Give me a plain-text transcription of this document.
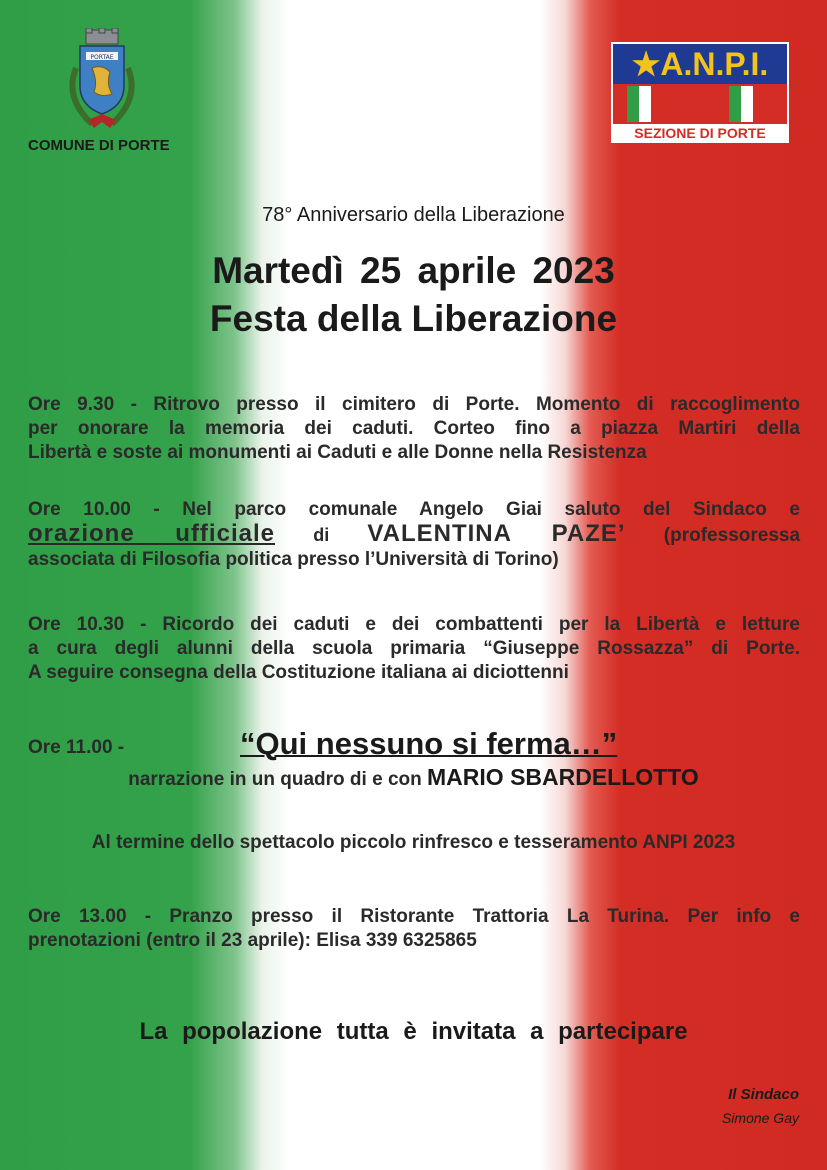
PORTAE
COMUNE DI PORTE
★A.N.P.I.
SEZIONE DI PORTE
78° Anniversario della Liberazione
Martedì 25 aprile 2023
Festa della Liberazione
Ore 9.30 - Ritrovo presso il cimitero di Porte. Momento di raccoglimento
per onorare la memoria dei caduti. Corteo fino a piazza Martiri della
Libertà e soste ai monumenti ai Caduti e alle Donne nella Resistenza
Ore 10.00 - Nel parco comunale Angelo Giai saluto del Sindaco e
orazione ufficiale di VALENTINA PAZE’ (professoressa
associata di Filosofia politica presso l’Università di Torino)
Ore 10.30 - Ricordo dei caduti e dei combattenti per la Libertà e letture
a cura degli alunni della scuola primaria “Giuseppe Rossazza” di Porte.
A seguire consegna della Costituzione italiana ai diciottenni
Ore 11.00 -	“Qui nessuno si ferma…”
narrazione in un quadro di e con MARIO SBARDELLOTTO
Al termine dello spettacolo piccolo rinfresco e tesseramento ANPI 2023
Ore 13.00 - Pranzo presso il Ristorante Trattoria La Turina. Per info e
prenotazioni (entro il 23 aprile): Elisa 339 6325865
La popolazione tutta è invitata a partecipare
Il Sindaco
Simone Gay
